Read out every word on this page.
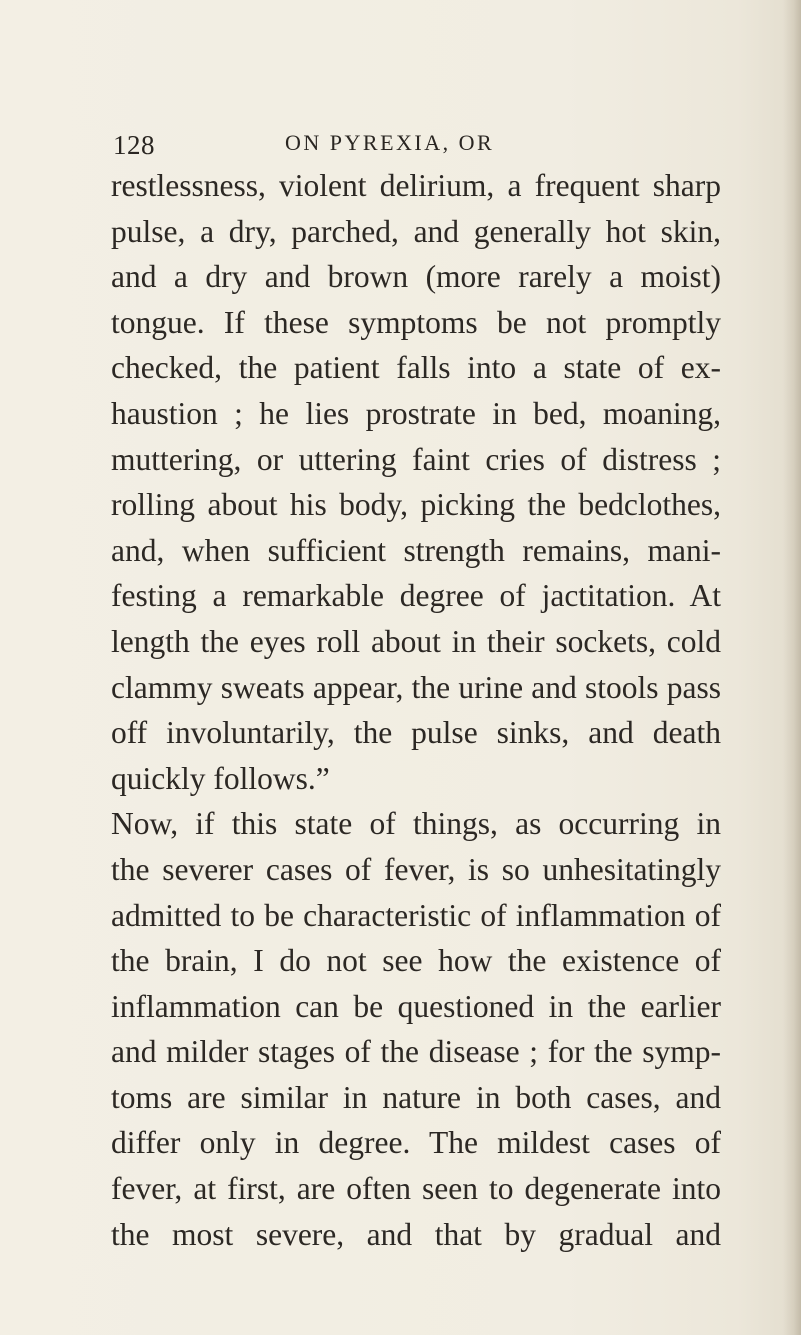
128	ON PYREXIA, OR
restlessness, violent delirium, a frequent sharp
pulse, a dry, parched, and generally hot skin,
and a dry and brown (more rarely a moist)
tongue. If these symptoms be not promptly
checked, the patient falls into a state of ex-
haustion ; he lies prostrate in bed, moaning,
muttering, or uttering faint cries of distress ;
rolling about his body, picking the bedclothes,
and, when sufficient strength remains, mani-
festing a remarkable degree of jactitation. At
length the eyes roll about in their sockets, cold
clammy sweats appear, the urine and stools pass
off involuntarily, the pulse sinks, and death
quickly follows.”
Now, if this state of things, as occurring in
the severer cases of fever, is so unhesitatingly
admitted to be characteristic of inflammation of
the brain, I do not see how the existence of
inflammation can be questioned in the earlier
and milder stages of the disease ; for the symp-
toms are similar in nature in both cases, and
differ only in degree. The mildest cases of
fever, at first, are often seen to degenerate into
the most severe, and that by gradual and
